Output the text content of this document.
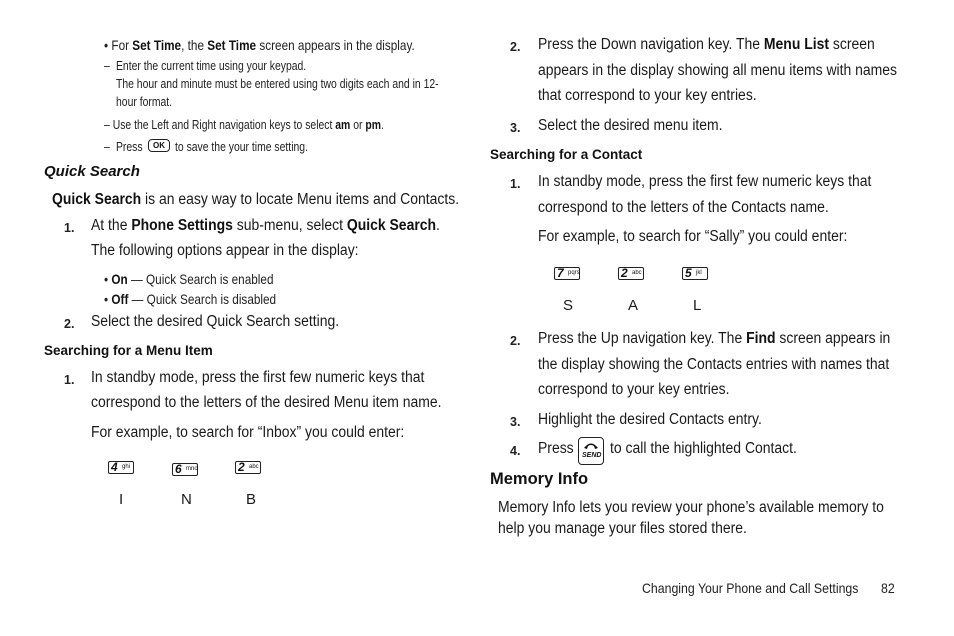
• For Set Time, the Set Time screen appears in the display.
– Enter the current time using your keypad.
The hour and minute must be entered using two digits each and in 12-
hour format.
– Use the Left and Right navigation keys to select am or pm.
– Press	OK to save the your time setting.
Quick Search
Quick Search is an easy way to locate Menu items and Contacts.
1. At the Phone Settings sub-menu, select Quick Search.
The following options appear in the display:
• On — Quick Search is enabled
• Off — Quick Search is disabled
2. Select the desired Quick Search setting.
Searching for a Menu Item
1. In standby mode, press the first few numeric keys that
correspond to the letters of the desired Menu item name.
For example, to search for “Inbox” you could enter:
4 ghi	6 mno	2 abc
I	N	B
2. Press the Down navigation key. The Menu List screen
appears in the display showing all menu items with names
that correspond to your key entries.
3. Select the desired menu item.
Searching for a Contact
1. In standby mode, press the first few numeric keys that
correspond to the letters of the Contacts name.
For example, to search for “Sally” you could enter:
7 pqrs	2 abc	5 jkl
S	A	L
2. Press the Up navigation key. The Find screen appears in
the display showing the Contacts entries with names that
correspond to your key entries.
3. Highlight the desired Contacts entry.
4. Press SEND to call the highlighted Contact.
Memory Info
Memory Info lets you review your phone’s available memory to
help you manage your files stored there.
Changing Your Phone and Call Settings 82
